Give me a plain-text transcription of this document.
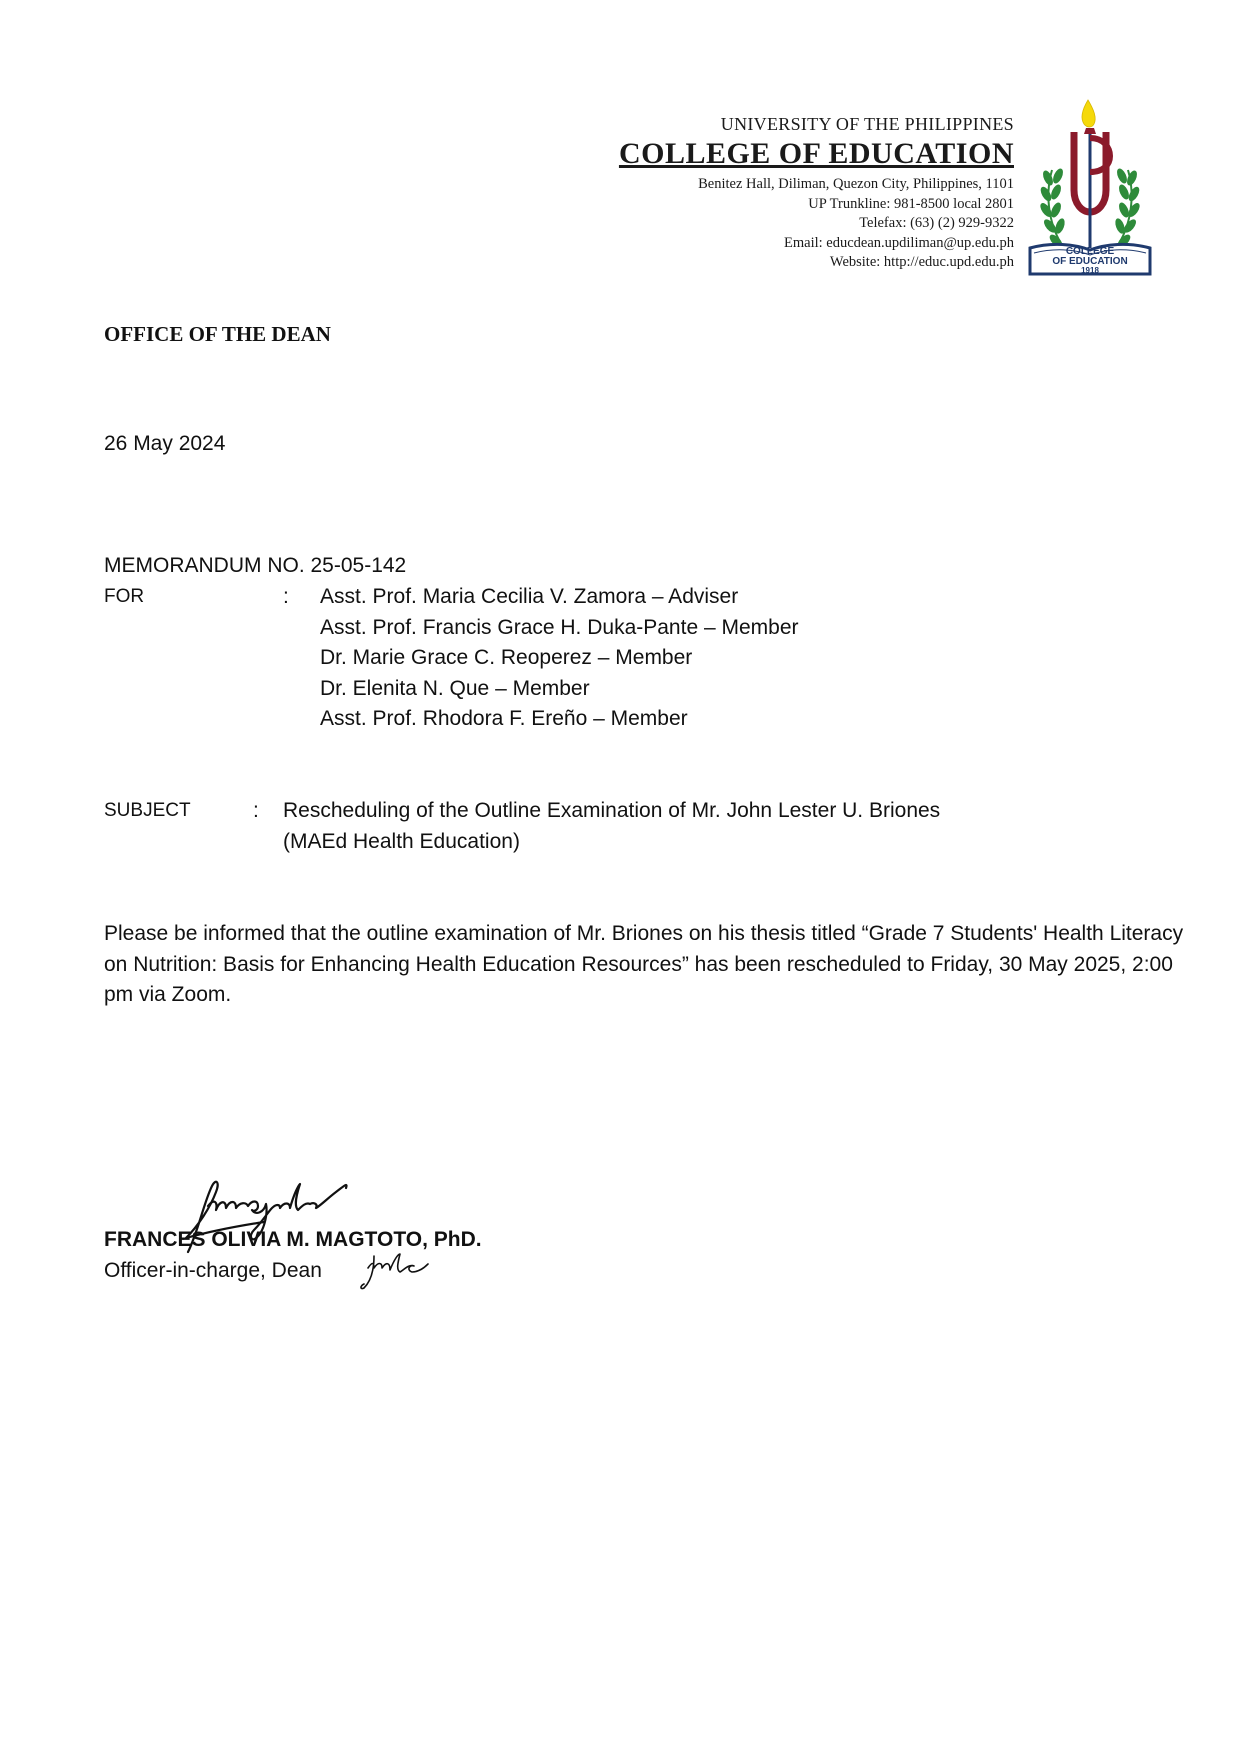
UNIVERSITY OF THE PHILIPPINES
COLLEGE OF EDUCATION
Benitez Hall, Diliman, Quezon City, Philippines, 1101
UP Trunkline: 981-8500 local 2801
Telefax: (63) (2) 929-9322
Email: educdean.updiliman@up.edu.ph
Website: http://educ.upd.edu.ph
COLLEGE
OF EDUCATION
1918
OFFICE OF THE DEAN
26 May 2024
MEMORANDUM NO. 25-05-142
FOR	: Asst. Prof. Maria Cecilia V. Zamora – Adviser
Asst. Prof. Francis Grace H. Duka-Pante – Member
Dr. Marie Grace C. Reoperez – Member
Dr. Elenita N. Que – Member
Asst. Prof. Rhodora F. Ereño – Member
SUBJECT	: Rescheduling of the Outline Examination of Mr. John Lester U. Briones
(MAEd Health Education)
Please be informed that the outline examination of Mr. Briones on his thesis titled “Grade 7 Students' Health Literacy on Nutrition: Basis for Enhancing Health Education Resources” has been rescheduled to Friday, 30 May 2025, 2:00 pm via Zoom.
FRANCES OLIVIA M. MAGTOTO, PhD.
Officer-in-charge, Dean
